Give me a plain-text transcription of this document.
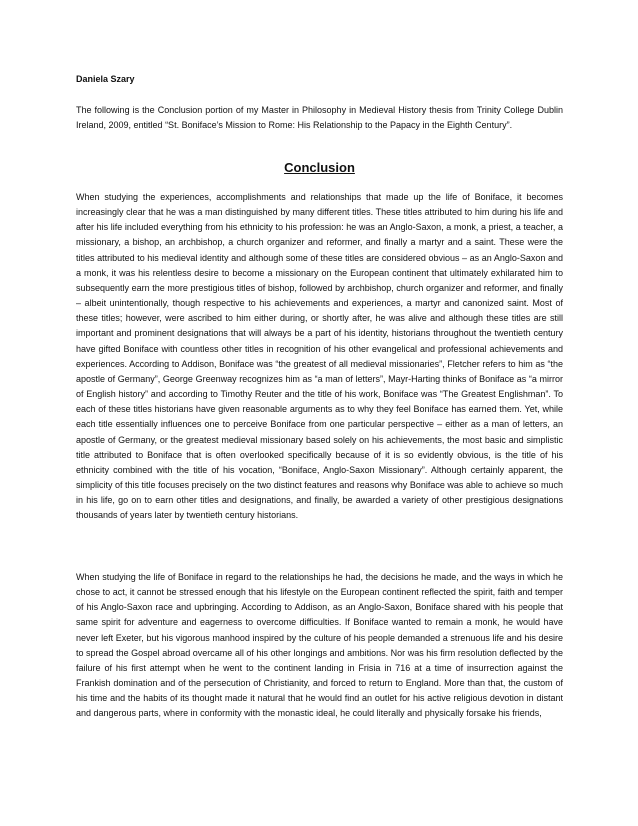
Daniela Szary

The following is the Conclusion portion of my Master in Philosophy in Medieval History thesis from Trinity College Dublin Ireland, 2009, entitled “St. Boniface’s Mission to Rome: His Relationship to the Papacy in the Eighth Century”.

Conclusion

When studying the experiences, accomplishments and relationships that made up the life of Boniface, it becomes increasingly clear that he was a man distinguished by many different titles. These titles attributed to him during his life and after his life included everything from his ethnicity to his profession: he was an Anglo-Saxon, a monk, a priest, a teacher, a missionary, a bishop, an archbishop, a church organizer and reformer, and finally a martyr and a saint. These were the titles attributed to his medieval identity and although some of these titles are considered obvious – as an Anglo-Saxon and a monk, it was his relentless desire to become a missionary on the European continent that ultimately exhilarated him to subsequently earn the more prestigious titles of bishop, followed by archbishop, church organizer and reformer, and finally – albeit unintentionally, though respective to his achievements and experiences, a martyr and canonized saint. Most of these titles; however, were ascribed to him either during, or shortly after, he was alive and although these titles are still important and prominent designations that will always be a part of his identity, historians throughout the twentieth century have gifted Boniface with countless other titles in recognition of his other evangelical and professional achievements and experiences. According to Addison, Boniface was “the greatest of all medieval missionaries”, Fletcher refers to him as “the apostle of Germany”, George Greenway recognizes him as “a man of letters”, Mayr-Harting thinks of Boniface as “a mirror of English history” and according to Timothy Reuter and the title of his work, Boniface was “The Greatest Englishman”. To each of these titles historians have given reasonable arguments as to why they feel Boniface has earned them. Yet, while each title essentially influences one to perceive Boniface from one particular perspective – either as a man of letters, an apostle of Germany, or the greatest medieval missionary based solely on his achievements, the most basic and simplistic title attributed to Boniface that is often overlooked specifically because of it is so evidently obvious, is the title of his ethnicity combined with the title of his vocation, “Boniface, Anglo-Saxon Missionary”. Although certainly apparent, the simplicity of this title focuses precisely on the two distinct features and reasons why Boniface was able to achieve so much in his life, go on to earn other titles and designations, and finally, be awarded a variety of other prestigious designations thousands of years later by twentieth century historians.

When studying the life of Boniface in regard to the relationships he had, the decisions he made, and the ways in which he chose to act, it cannot be stressed enough that his lifestyle on the European continent reflected the spirit, faith and temper of his Anglo-Saxon race and upbringing. According to Addison, as an Anglo-Saxon, Boniface shared with his people that same spirit for adventure and eagerness to overcome difficulties. If Boniface wanted to remain a monk, he would have never left Exeter, but his vigorous manhood inspired by the culture of his people demanded a strenuous life and his desire to spread the Gospel abroad overcame all of his other longings and ambitions. Nor was his firm resolution deflected by the failure of his first attempt when he went to the continent landing in Frisia in 716 at a time of insurrection against the Frankish domination and of the persecution of Christianity, and forced to return to England. More than that, the custom of his time and the habits of its thought made it natural that he would find an outlet for his active religious devotion in distant and dangerous parts, where in conformity with the monastic ideal, he could literally and physically forsake his friends,
